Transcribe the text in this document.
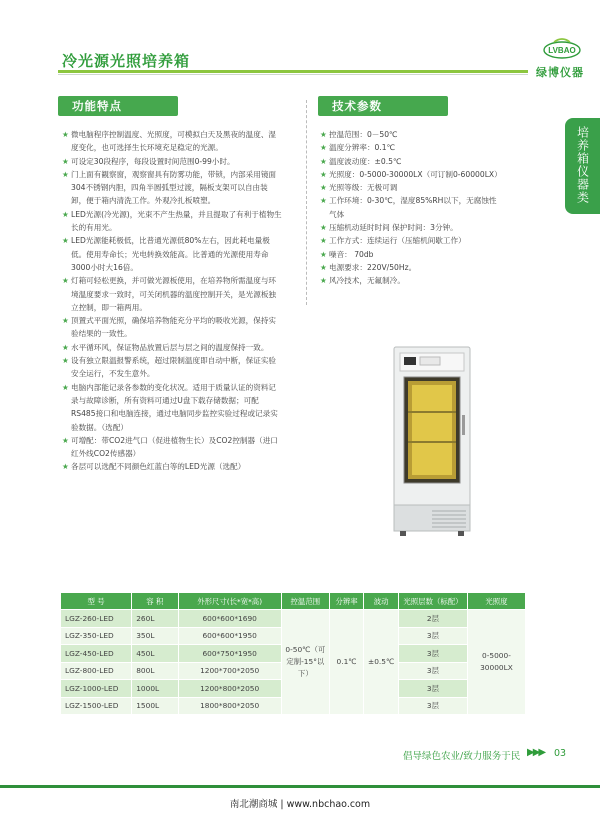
冷光源光照培养箱
LVBAO
绿博仪器
培养箱仪器类
功能特点
★ 微电脑程序控制温度、光照度，可模拟白天及黑夜的温度、湿度变化，也可选择生长环境充足稳定的光源。
★ 可设定30段程序，每段设置时间范围0-99小时。
★ 门上面有観察窗，观察窗具有防雾功能，带锁，内部采用镜面304不锈钢内胆，四角半圆弧型过渡，隔板支架可以自由装卸，便于箱内清洗工作。外观冷扎板喷塑。
★ LED光源(冷光源)，光束不产生热量，并且提取了有利于植物生长的有用光。
★ LED光源能耗极低，比普通光源低80%左右，因此耗电量极低。使用寿命长；光电转换效能高。比普通的光源使用寿命3000小时大16倍。
★ 灯箱可轻松更换，并可做光源板使用，在培养物所需温度与环境温度要求一致时，可关闭机器的温度控制开关，是光源板独立控制，即一箱两用。
★ 顶置式平面光照，确保培养物能充分平均的吸收光源，保持实验结果的一致性。
★ 水平循环风，保证物品放置后层与层之间的温度保持一致。
★ 设有独立限温报警系统，超过限制温度即自动中断，保证实验安全运行，不发生意外。
★ 电脑内部能记录各参数的变化状况。适用于质量认证的资料记录与故障诊断，所有资料可通过U盘下载存储数据；可配RS485接口和电脑连接，通过电脑同步监控实验过程或记录实验数据。（选配）
★ 可增配：带CO2进气口（促进植物生长）及CO2控制器（进口红外线CO2传感器）
★ 各层可以选配不同颜色红蓝白等的LED光源（选配）
技术参数
★ 控温范围：0－50℃
★ 温度分辨率：0.1℃
★ 温度波动度：±0.5℃
★ 光照度：0-5000-30000LX（可订制0-60000LX）
★ 光照等级：无极可调
★ 工作环境：0-30℃，湿度85%RH以下，无腐蚀性气体
★ 压缩机动延时时间 保护时间：3分钟。
★ 工作方式：连续运行（压缩机间歇工作）
★ 噪音： 70db
★ 电源要求：220V/50Hz。
★ 风冷技术，无氟制冷。
型 号	容 积	外形尺寸(长*宽*高)	控温范围	分辨率	波动	光照层数（标配）	光照度
LGZ-260-LED	260L	600*600*1690	0-50℃（可定制-15°以下）	0.1℃	±0.5℃	2层	0-5000-30000LX
LGZ-350-LED	350L	600*600*1950				3层	
LGZ-450-LED	450L	600*750*1950				3层	
LGZ-800-LED	800L	1200*700*2050				3层	
LGZ-1000-LED	1000L	1200*800*2050				3层	
LGZ-1500-LED	1500L	1800*800*2050				3层	
倡导绿色农业/致力服务于民 ▶▶▶ 03
南北潮商城 | www.nbchao.com
